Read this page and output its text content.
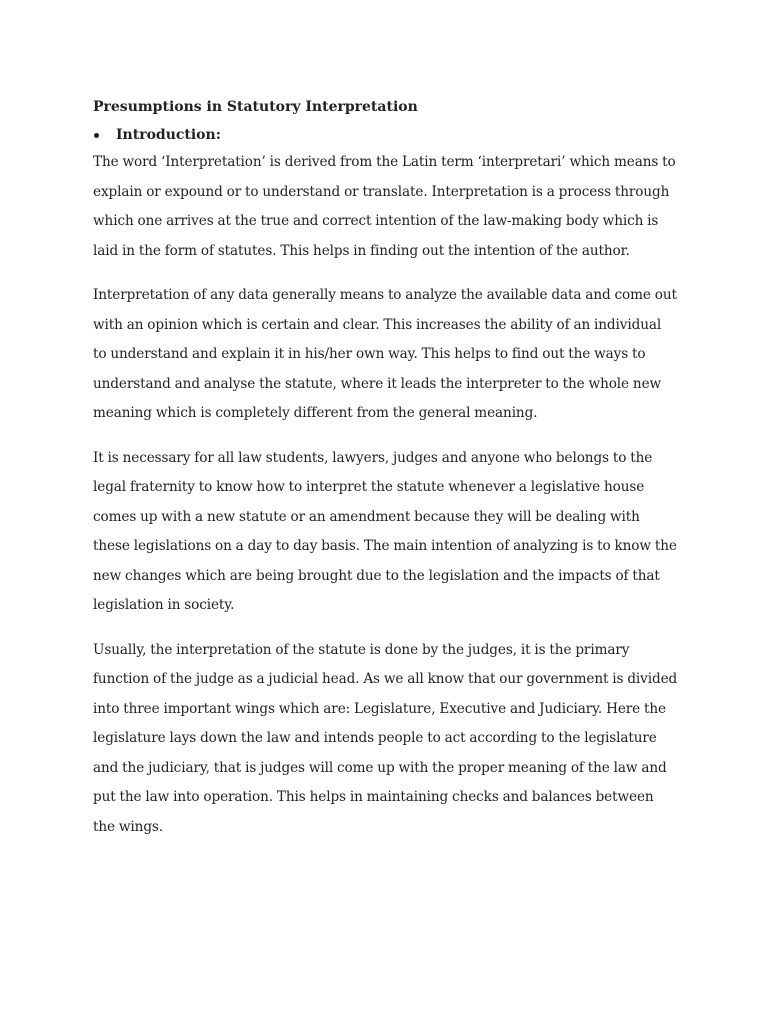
Presumptions in Statutory Interpretation
Introduction:

The word ‘Interpretation’ is derived from the Latin term ‘interpretari’ which means to explain or expound or to understand or translate. Interpretation is a process through which one arrives at the true and correct intention of the law-making body which is laid in the form of statutes. This helps in finding out the intention of the author.

Interpretation of any data generally means to analyze the available data and come out with an opinion which is certain and clear. This increases the ability of an individual to understand and explain it in his/her own way. This helps to find out the ways to understand and analyse the statute, where it leads the interpreter to the whole new meaning which is completely different from the general meaning.

It is necessary for all law students, lawyers, judges and anyone who belongs to the legal fraternity to know how to interpret the statute whenever a legislative house comes up with a new statute or an amendment because they will be dealing with these legislations on a day to day basis. The main intention of analyzing is to know the new changes which are being brought due to the legislation and the impacts of that legislation in society.

Usually, the interpretation of the statute is done by the judges, it is the primary function of the judge as a judicial head. As we all know that our government is divided into three important wings which are: Legislature, Executive and Judiciary. Here the legislature lays down the law and intends people to act according to the legislature and the judiciary, that is judges will come up with the proper meaning of the law and put the law into operation. This helps in maintaining checks and balances between the wings.
